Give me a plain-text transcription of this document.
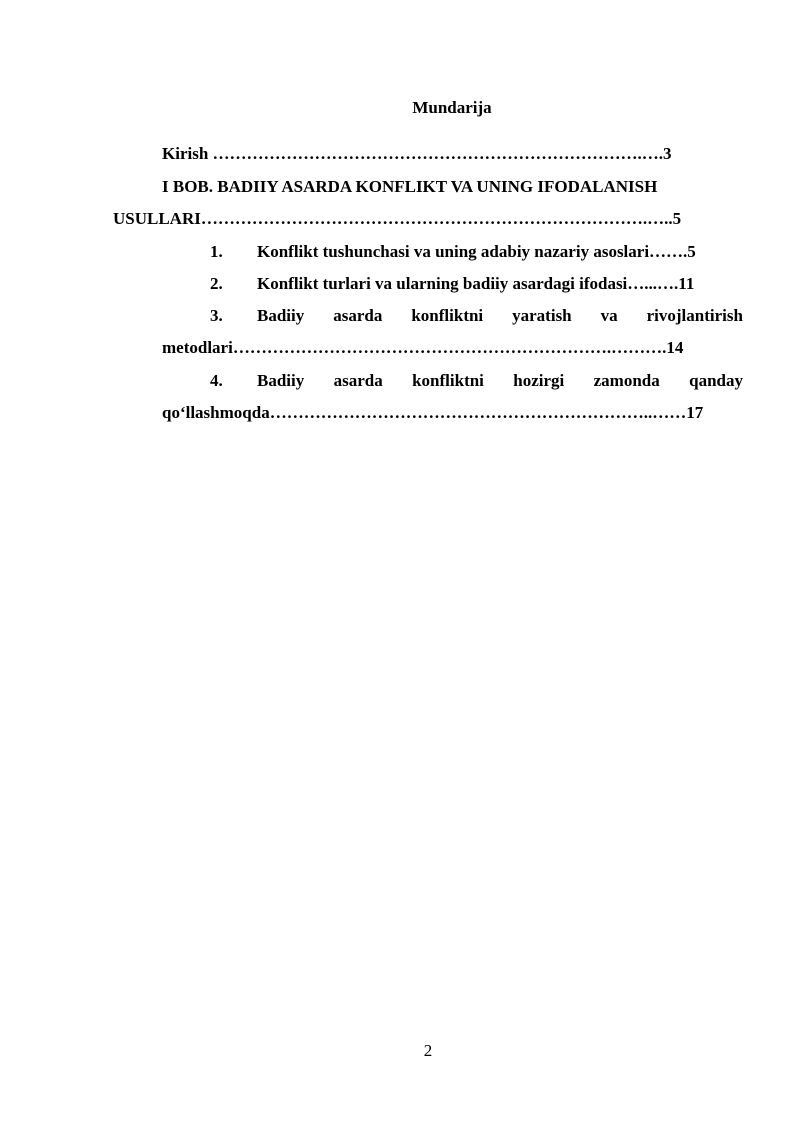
Mundarija
Kirish ………………………………………………………………….….3
I BOB. BADIIY ASARDA KONFLIKT VA UNING IFODALANISH
USULLARI…………………………………………………………………….…..5
1. Konflikt tushunchasi va uning adabiy nazariy asoslari…….5
2. Konflikt turlari va ularning badiiy asardagi ifodasi…...….11
3. Badiiy asarda konfliktni yaratish va rivojlantirish
metodlari………………………………………………………….……….14
4. Badiiy asarda konfliktni hozirgi zamonda qanday
qo‘llashmoqda…………………………………………………………..……17
2
